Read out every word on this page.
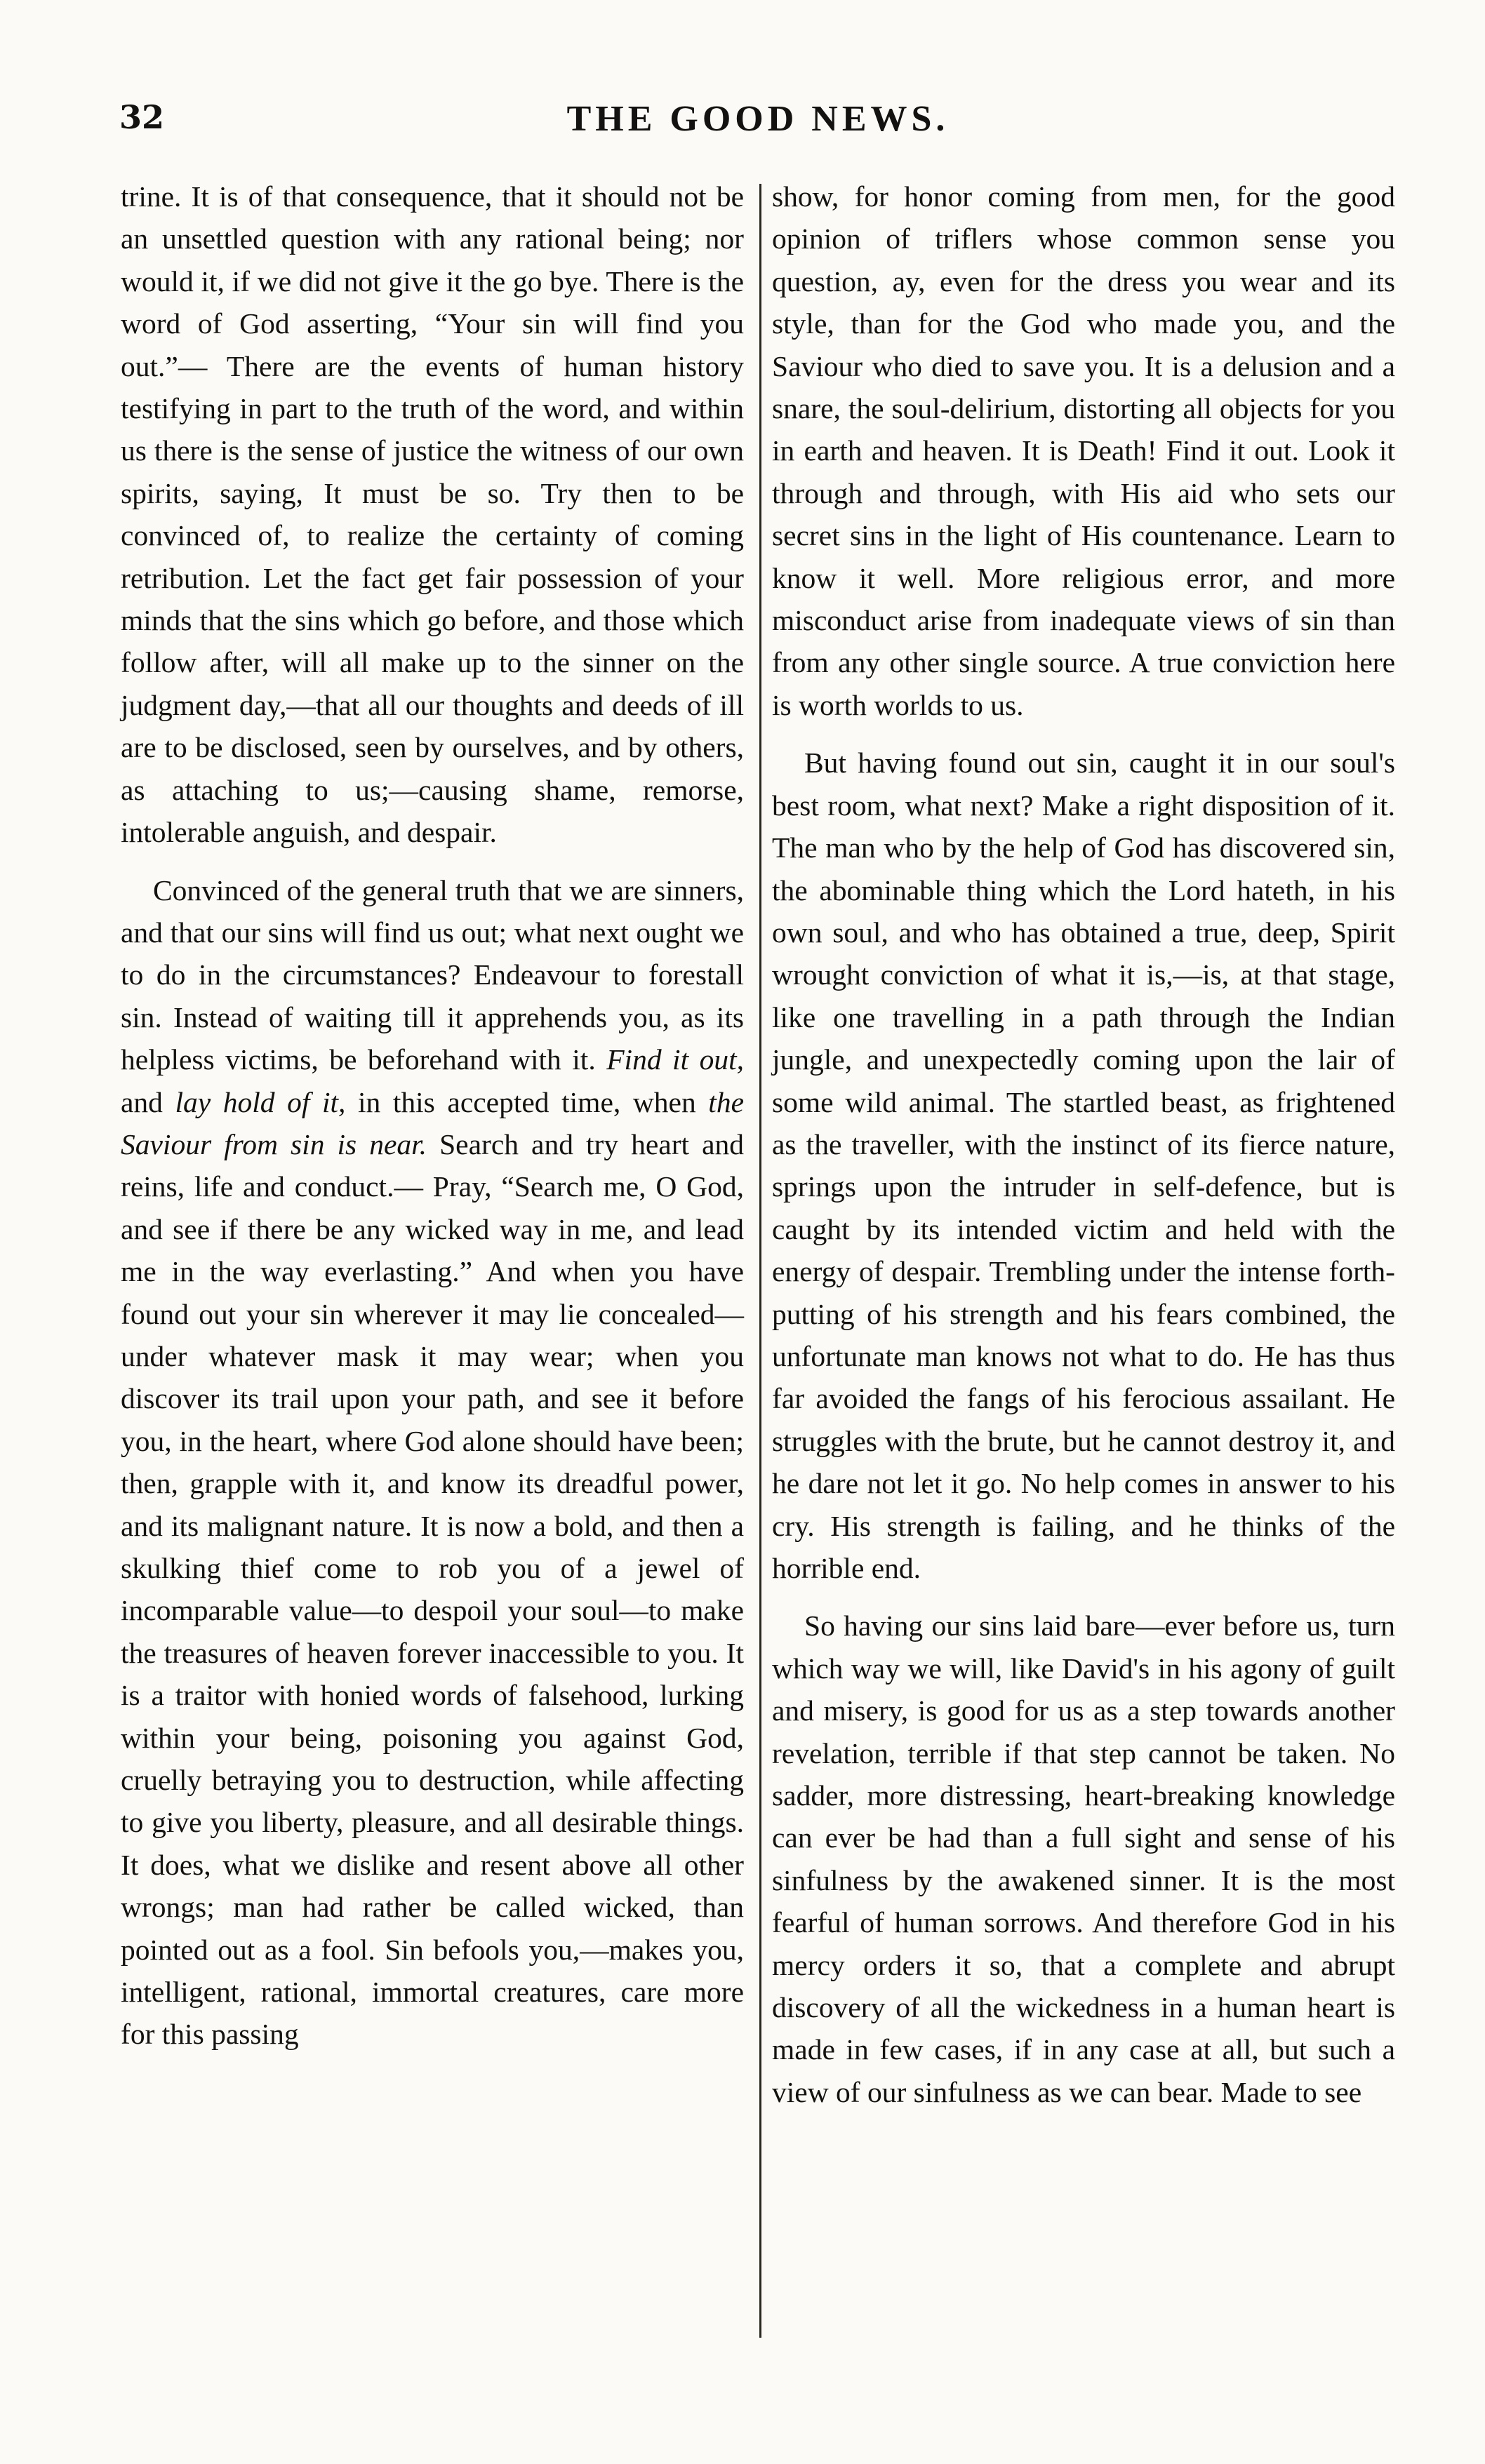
32	THE GOOD NEWS.

trine. It is of that consequence, that it should not be an unsettled question with any rational being; nor would it, if we did not give it the go bye. There is the word of God asserting, “Your sin will find you out.”— There are the events of human history testifying in part to the truth of the word, and within us there is the sense of justice the witness of our own spirits, saying, It must be so. Try then to be convinced of, to realize the certainty of coming retribution. Let the fact get fair possession of your minds that the sins which go before, and those which follow after, will all make up to the sinner on the judgment day,—that all our thoughts and deeds of ill are to be disclosed, seen by ourselves, and by others, as attaching to us;—causing shame, remorse, intolerable anguish, and despair.

Convinced of the general truth that we are sinners, and that our sins will find us out; what next ought we to do in the circumstances? Endeavour to forestall sin. Instead of waiting till it apprehends you, as its helpless victims, be beforehand with it. Find it out, and lay hold of it, in this accepted time, when the Saviour from sin is near. Search and try heart and reins, life and conduct.— Pray, “Search me, O God, and see if there be any wicked way in me, and lead me in the way everlasting.” And when you have found out your sin wherever it may lie concealed— under whatever mask it may wear; when you discover its trail upon your path, and see it before you, in the heart, where God alone should have been; then, grapple with it, and know its dreadful power, and its malignant nature. It is now a bold, and then a skulking thief come to rob you of a jewel of incomparable value—to despoil your soul—to make the treasures of heaven forever inaccessible to you. It is a traitor with honied words of falsehood, lurking within your being, poisoning you against God, cruelly betraying you to destruction, while affecting to give you liberty, pleasure, and all desirable things. It does, what we dislike and resent above all other wrongs; man had rather be called wicked, than pointed out as a fool. Sin befools you,—makes you, intelligent, rational, immortal creatures, care more for this passing

show, for honor coming from men, for the good opinion of triflers whose common sense you question, ay, even for the dress you wear and its style, than for the God who made you, and the Saviour who died to save you. It is a delusion and a snare, the soul-delirium, distorting all objects for you in earth and heaven. It is Death! Find it out. Look it through and through, with His aid who sets our secret sins in the light of His countenance. Learn to know it well. More religious error, and more misconduct arise from inadequate views of sin than from any other single source. A true conviction here is worth worlds to us.

But having found out sin, caught it in our soul's best room, what next? Make a right disposition of it. The man who by the help of God has discovered sin, the abominable thing which the Lord hateth, in his own soul, and who has obtained a true, deep, Spirit wrought conviction of what it is,—is, at that stage, like one travelling in a path through the Indian jungle, and unexpectedly coming upon the lair of some wild animal. The startled beast, as frightened as the traveller, with the instinct of its fierce nature, springs upon the intruder in self-defence, but is caught by its intended victim and held with the energy of despair. Trembling under the intense forth-putting of his strength and his fears combined, the unfortunate man knows not what to do. He has thus far avoided the fangs of his ferocious assailant. He struggles with the brute, but he cannot destroy it, and he dare not let it go. No help comes in answer to his cry. His strength is failing, and he thinks of the horrible end.

So having our sins laid bare—ever before us, turn which way we will, like David's in his agony of guilt and misery, is good for us as a step towards another revelation, terrible if that step cannot be taken. No sadder, more distressing, heart-breaking knowledge can ever be had than a full sight and sense of his sinfulness by the awakened sinner. It is the most fearful of human sorrows. And therefore God in his mercy orders it so, that a complete and abrupt discovery of all the wickedness in a human heart is made in few cases, if in any case at all, but such a view of our sinfulness as we can bear. Made to see
